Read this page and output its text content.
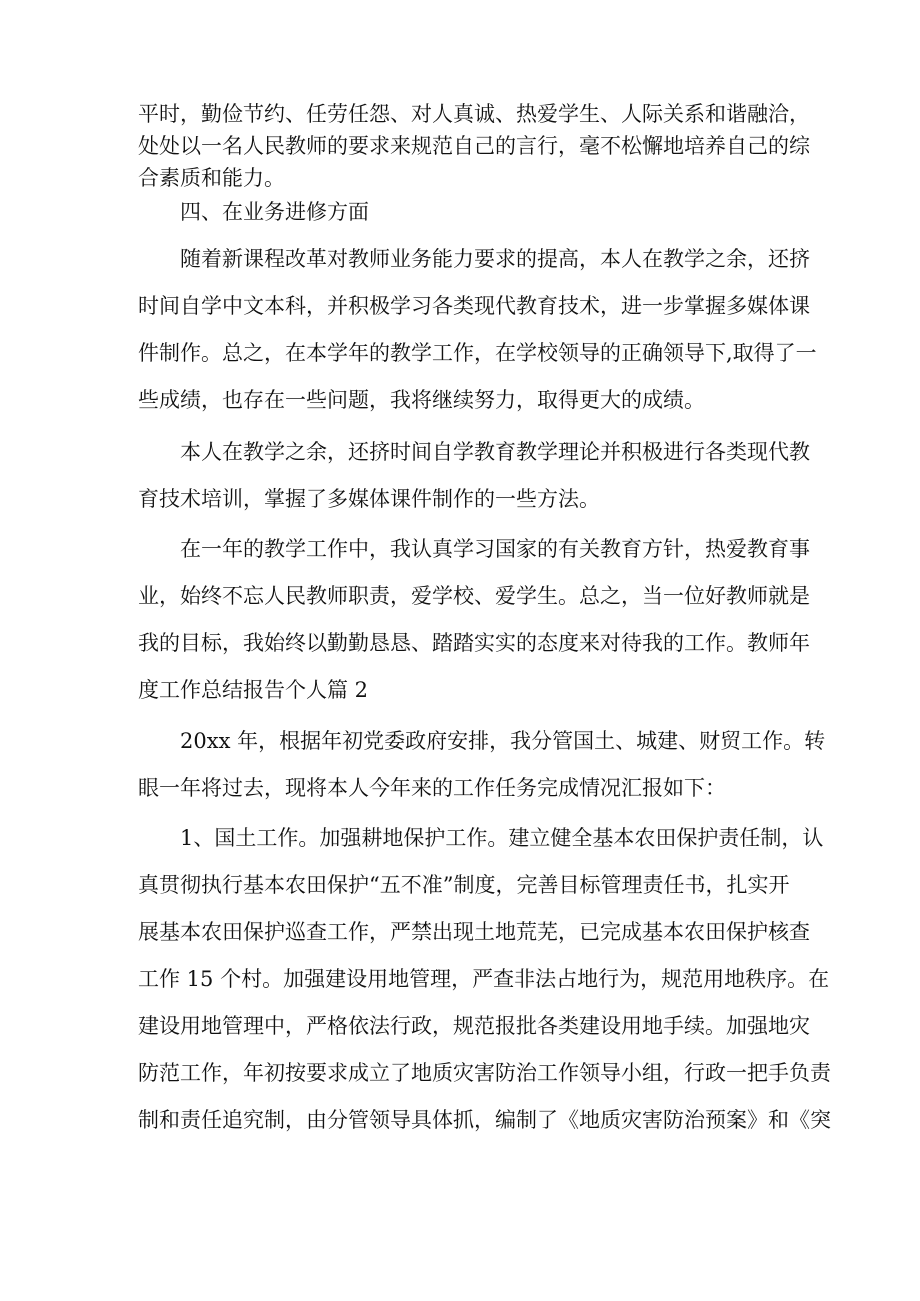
平时，勤俭节约、任劳任怨、对人真诚、热爱学生、人际关系和谐融洽，
处处以一名人民教师的要求来规范自己的言行，毫不松懈地培养自己的综
合素质和能力。
四、在业务进修方面
随着新课程改革对教师业务能力要求的提高，本人在教学之余，还挤
时间自学中文本科，并积极学习各类现代教育技术，进一步掌握多媒体课
件制作。总之，在本学年的教学工作，在学校领导的正确领导下,取得了一
些成绩，也存在一些问题，我将继续努力，取得更大的成绩。
本人在教学之余，还挤时间自学教育教学理论并积极进行各类现代教
育技术培训，掌握了多媒体课件制作的一些方法。
在一年的教学工作中，我认真学习国家的有关教育方针，热爱教育事
业，始终不忘人民教师职责，爱学校、爱学生。总之，当一位好教师就是
我的目标，我始终以勤勤恳恳、踏踏实实的态度来对待我的工作。教师年
度工作总结报告个人篇 2
20xx 年，根据年初党委政府安排，我分管国土、城建、财贸工作。转
眼一年将过去，现将本人今年来的工作任务完成情况汇报如下：
1、国土工作。加强耕地保护工作。建立健全基本农田保护责任制，认
真贯彻执行基本农田保护“五不准”制度，完善目标管理责任书，扎实开
展基本农田保护巡查工作，严禁出现土地荒芜，已完成基本农田保护核查
工作 15 个村。加强建设用地管理，严查非法占地行为，规范用地秩序。在
建设用地管理中，严格依法行政，规范报批各类建设用地手续。加强地灾
防范工作，年初按要求成立了地质灾害防治工作领导小组，行政一把手负责
制和责任追究制，由分管领导具体抓，编制了《地质灾害防治预案》和《突
